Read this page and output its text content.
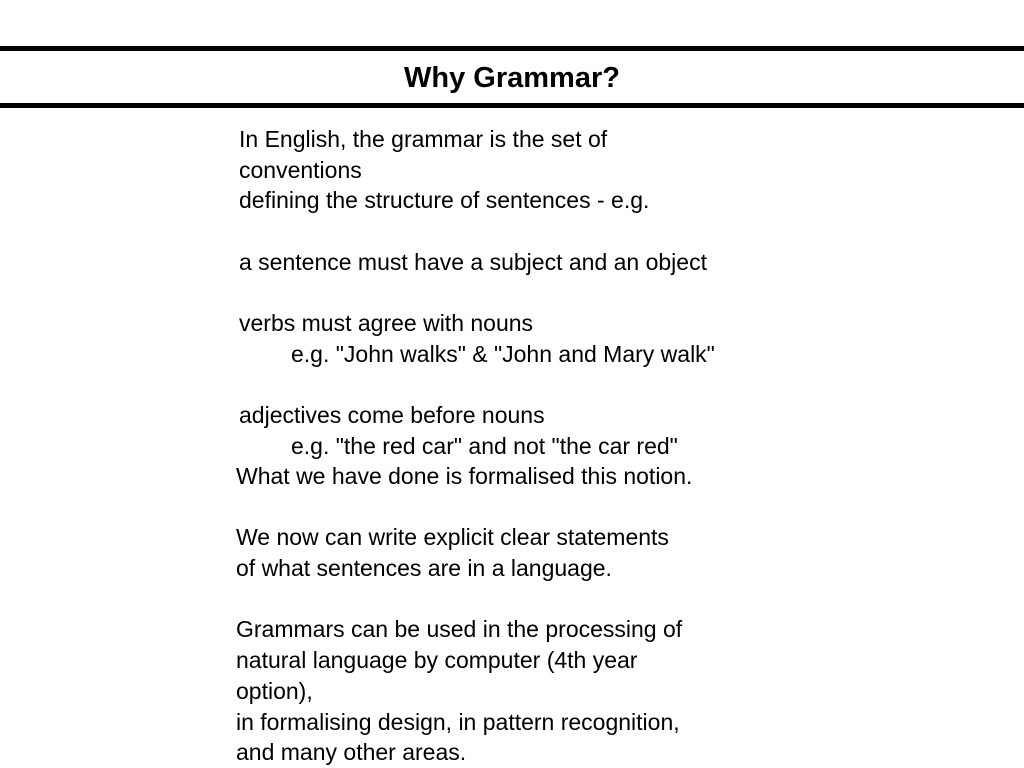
Why Grammar?
In English, the grammar is the set of
conventions
defining the structure of sentences - e.g.
a sentence must have a subject and an object
verbs must agree with nouns
e.g. "John walks" & "John and Mary walk"
adjectives come before nouns
e.g. "the red car" and not "the car red"
What we have done is formalised this notion.
We now can write explicit clear statements
of what sentences are in a language.
Grammars can be used in the processing of
natural language by computer (4th year
option),
in formalising design, in pattern recognition,
and many other areas.
